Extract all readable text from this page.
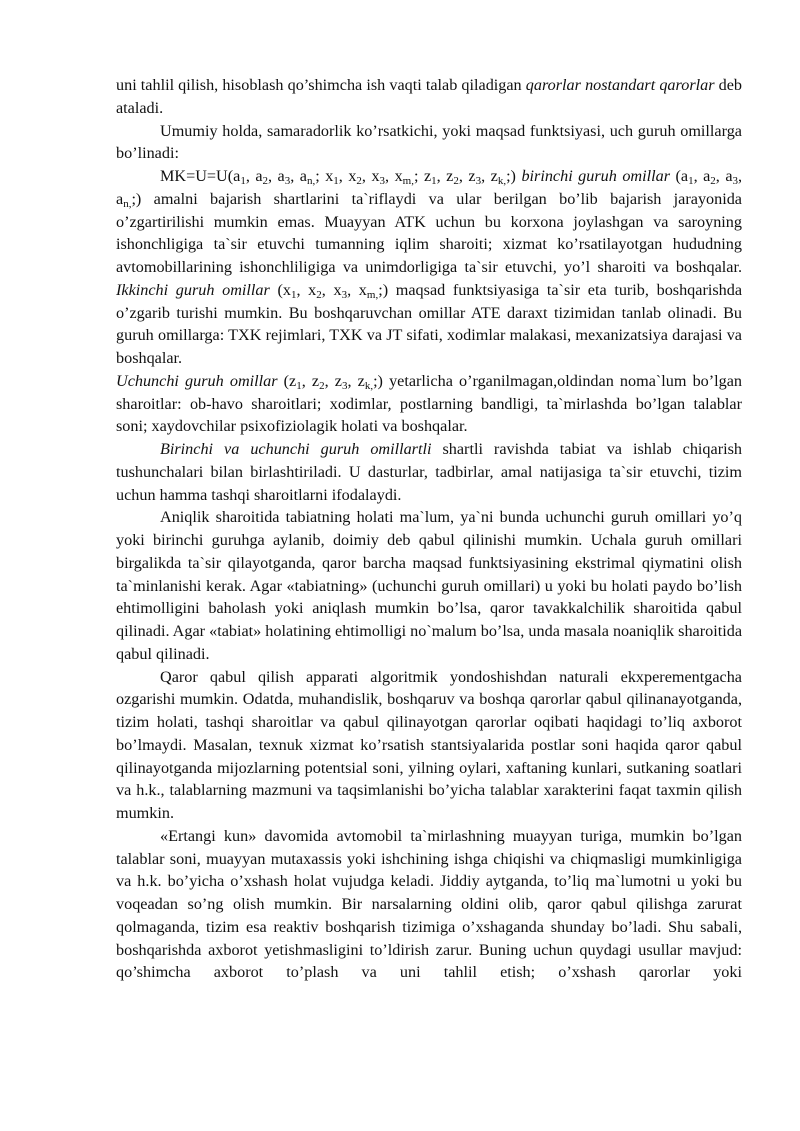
uni tahlil qilish, hisoblash qo’shimcha ish vaqti talab qiladigan qarorlar nostandart qarorlar deb ataladi.

Umumiy holda, samaradorlik ko’rsatkichi, yoki maqsad funktsiyasi, uch guruh omillarga bo’linadi:

$MK=U=U(a_1$, $a_2$, $a_3$, $a_{n,}$; $x_1$, $x_2$, $x_3$, $x_{m,}$; $z_1$, $z_2$, $z_3$, $z_{k,}$;) birinchi guruh omillar ($a_1$, $a_2$, $a_3$, $a_{n,}$;) amalni bajarish shartlarini ta`riflaydi va ular berilgan bo’lib bajarish jarayonida o’zgartirilishi mumkin emas. Muayyan ATK uchun bu korxona joylashgan va saroyning ishonchligiga ta`sir etuvchi tumanning iqlim sharoiti; xizmat ko’rsatilayotgan hududning avtomobillarining ishonchliligiga va unimdorligiga ta`sir etuvchi, yo’l sharoiti va boshqalar. Ikkinchi guruh omillar ($x_1$, $x_2$, $x_3$, $x_{m,}$;) maqsad funktsiyasiga ta`sir eta turib, boshqarishda o’zgarib turishi mumkin. Bu boshqaruvchan omillar ATE daraxt tizimidan tanlab olinadi. Bu guruh omillarga: TXK rejimlari, TXK va JT sifati, xodimlar malakasi, mexanizatsiya darajasi va boshqalar.

Uchunchi guruh omillar ($z_1$, $z_2$, $z_3$, $z_{k,}$;) yetarlicha o’rganilmagan,oldindan noma`lum bo’lgan sharoitlar: ob-havo sharoitlari; xodimlar, postlarning bandligi, ta`mirlashda bo’lgan talablar soni; xaydovchilar psixofiziolagik holati va boshqalar.

Birinchi va uchunchi guruh omillartli shartli ravishda tabiat va ishlab chiqarish tushunchalari bilan birlashtiriladi. U dasturlar, tadbirlar, amal natijasiga ta`sir etuvchi, tizim uchun hamma tashqi sharoitlarni ifodalaydi.

Aniqlik sharoitida tabiatning holati ma`lum, ya`ni bunda uchunchi guruh omillari yo’q yoki birinchi guruhga aylanib, doimiy deb qabul qilinishi mumkin. Uchala guruh omillari birgalikda ta`sir qilayotganda, qaror barcha maqsad funktsiyasining ekstrimal qiymatini olish ta`minlanishi kerak. Agar «tabiatning» (uchunchi guruh omillari) u yoki bu holati paydo bo’lish ehtimolligini baholash yoki aniqlash mumkin bo’lsa, qaror tavakkalchilik sharoitida qabul qilinadi. Agar «tabiat» holatining ehtimolligi no`malum bo’lsa, unda masala noaniqlik sharoitida qabul qilinadi.

Qaror qabul qilish apparati algoritmik yondoshishdan naturali ekxperementgacha ozgarishi mumkin. Odatda, muhandislik, boshqaruv va boshqa qarorlar qabul qilinanayotganda, tizim holati, tashqi sharoitlar va qabul qilinayotgan qarorlar oqibati haqidagi to’liq axborot bo’lmaydi. Masalan, texnuk xizmat ko’rsatish stantsiyalarida postlar soni haqida qaror qabul qilinayotganda mijozlarning potentsial soni, yilning oylari, xaftaning kunlari, sutkaning soatlari va h.k., talablarning mazmuni va taqsimlanishi bo’yicha talablar xarakterini faqat taxmin qilish mumkin.

«Ertangi kun» davomida avtomobil ta`mirlashning muayyan turiga, mumkin bo’lgan talablar soni, muayyan mutaxassis yoki ishchining ishga chiqishi va chiqmasligi mumkinligiga va h.k. bo’yicha o’xshash holat vujudga keladi. Jiddiy aytganda, to’liq ma`lumotni u yoki bu voqeadan so’ng olish mumkin. Bir narsalarning oldini olib, qaror qabul qilishga zarurat qolmaganda, tizim esa reaktiv boshqarish tizimiga o’xshaganda shunday bo’ladi. Shu sabali, boshqarishda axborot yetishmasligini to’ldirish zarur. Buning uchun quydagi usullar mavjud: qo’shimcha axborot to’plash va uni tahlil etish; o’xshash qarorlar yoki
